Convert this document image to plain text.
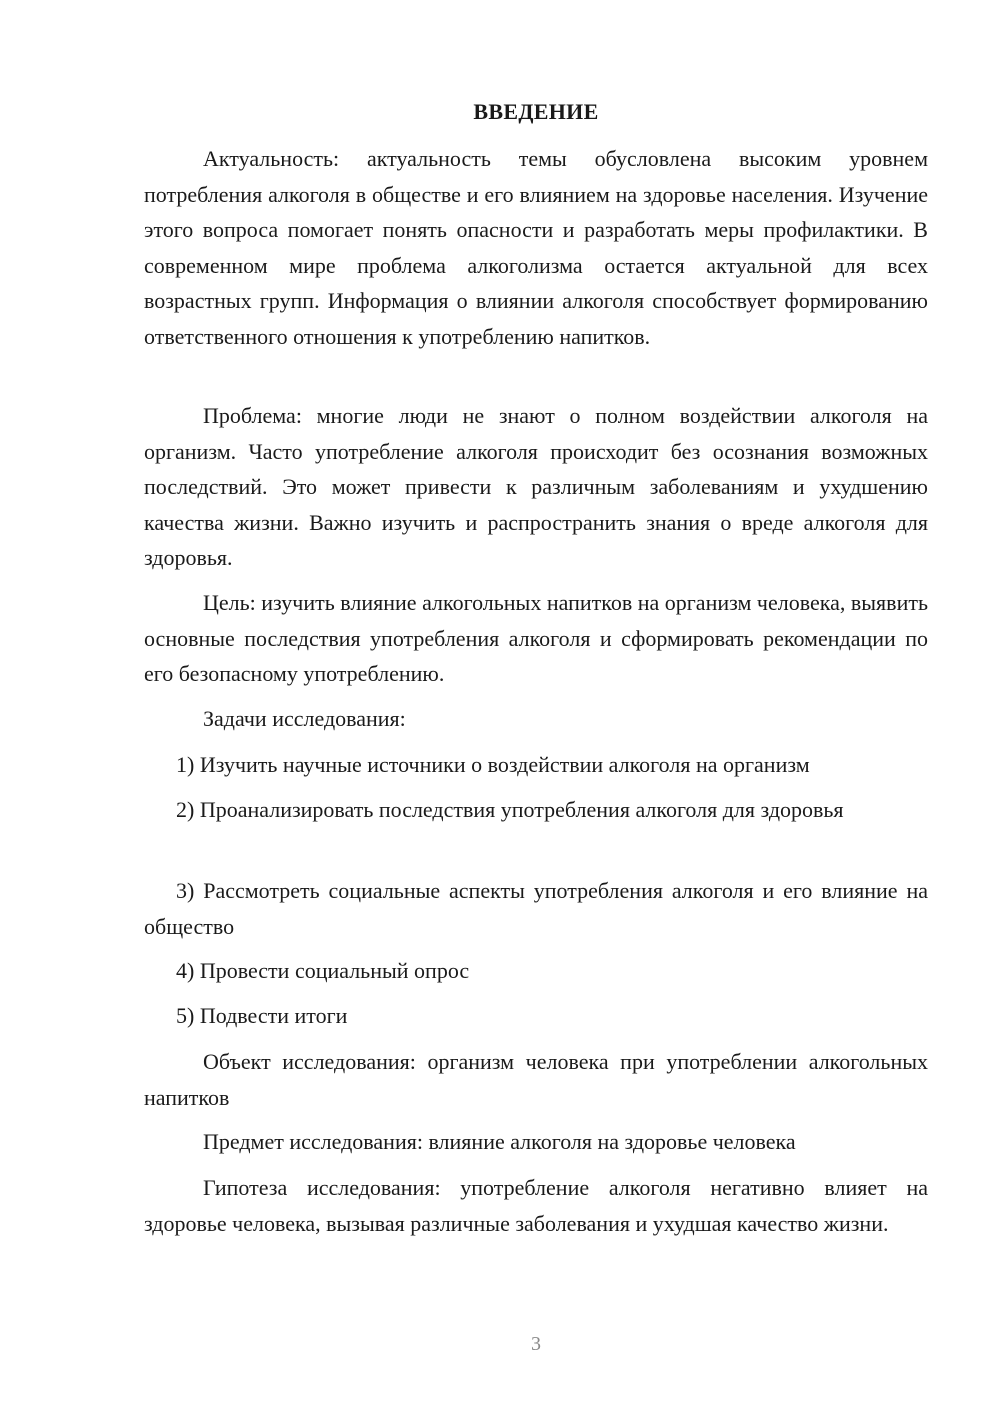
ВВЕДЕНИЕ

Актуальность: актуальность темы обусловлена высоким уровнем потребления алкоголя в обществе и его влиянием на здоровье населения. Изучение этого вопроса помогает понять опасности и разработать меры профилактики. В современном мире проблема алкоголизма остается актуальной для всех возрастных групп. Информация о влиянии алкоголя способствует формированию ответственного отношения к употреблению напитков.

Проблема: многие люди не знают о полном воздействии алкоголя на организм. Часто употребление алкоголя происходит без осознания возможных последствий. Это может привести к различным заболеваниям и ухудшению качества жизни. Важно изучить и распространить знания о вреде алкоголя для здоровья.

Цель: изучить влияние алкогольных напитков на организм человека, выявить основные последствия употребления алкоголя и сформировать рекомендации по его безопасному употреблению.

Задачи исследования:

1) Изучить научные источники о воздействии алкоголя на организм

2) Проанализировать последствия употребления алкоголя для здоровья

3) Рассмотреть социальные аспекты употребления алкоголя и его влияние на общество

4) Провести социальный опрос

5) Подвести итоги

Объект исследования: организм человека при употреблении алкогольных напитков

Предмет исследования: влияние алкоголя на здоровье человека

Гипотеза исследования: употребление алкоголя негативно влияет на здоровье человека, вызывая различные заболевания и ухудшая качество жизни.

3
